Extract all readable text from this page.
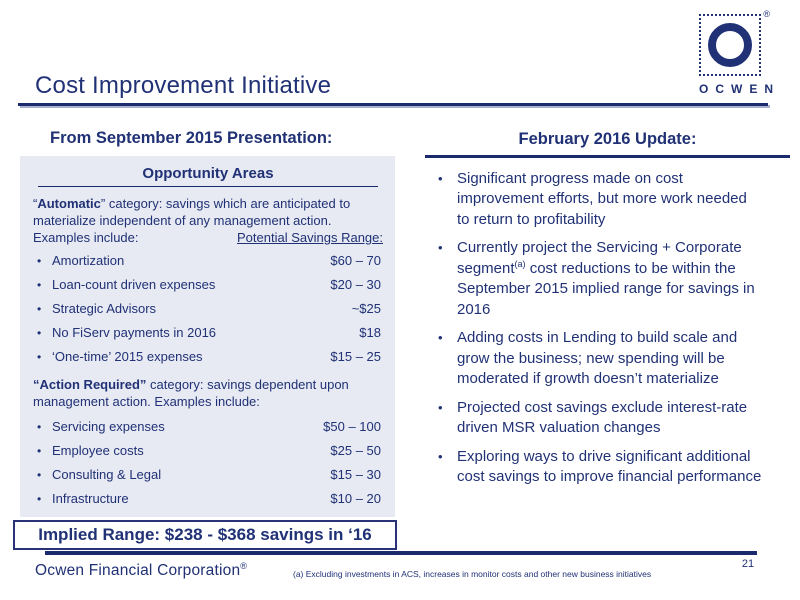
Cost Improvement Initiative
®
OCWEN
From September 2015 Presentation:
Opportunity Areas
“Automatic” category: savings which are anticipated to materialize independent of any management action.
Examples include:	Potential Savings Range:
• Amortization	$60 – 70
• Loan-count driven expenses	$20 – 30
• Strategic Advisors	~$25
• No FiServ payments in 2016	$18
• ‘One-time’ 2015 expenses	$15 – 25
“Action Required” category: savings dependent upon management action. Examples include:
• Servicing expenses	$50 – 100
• Employee costs	$25 – 50
• Consulting & Legal	$15 – 30
• Infrastructure	$10 – 20
Implied Range: $238 - $368 savings in ‘16
February 2016 Update:
• Significant progress made on cost improvement efforts, but more work needed to return to profitability
• Currently project the Servicing + Corporate segment$^{(a)}$ cost reductions to be within the September 2015 implied range for savings in 2016
• Adding costs in Lending to build scale and grow the business; new spending will be moderated if growth doesn’t materialize
• Projected cost savings exclude interest-rate driven MSR valuation changes
• Exploring ways to drive significant additional cost savings to improve financial performance
Ocwen Financial Corporation®
(a) Excluding investments in ACS, increases in monitor costs and other new business initiatives
21
